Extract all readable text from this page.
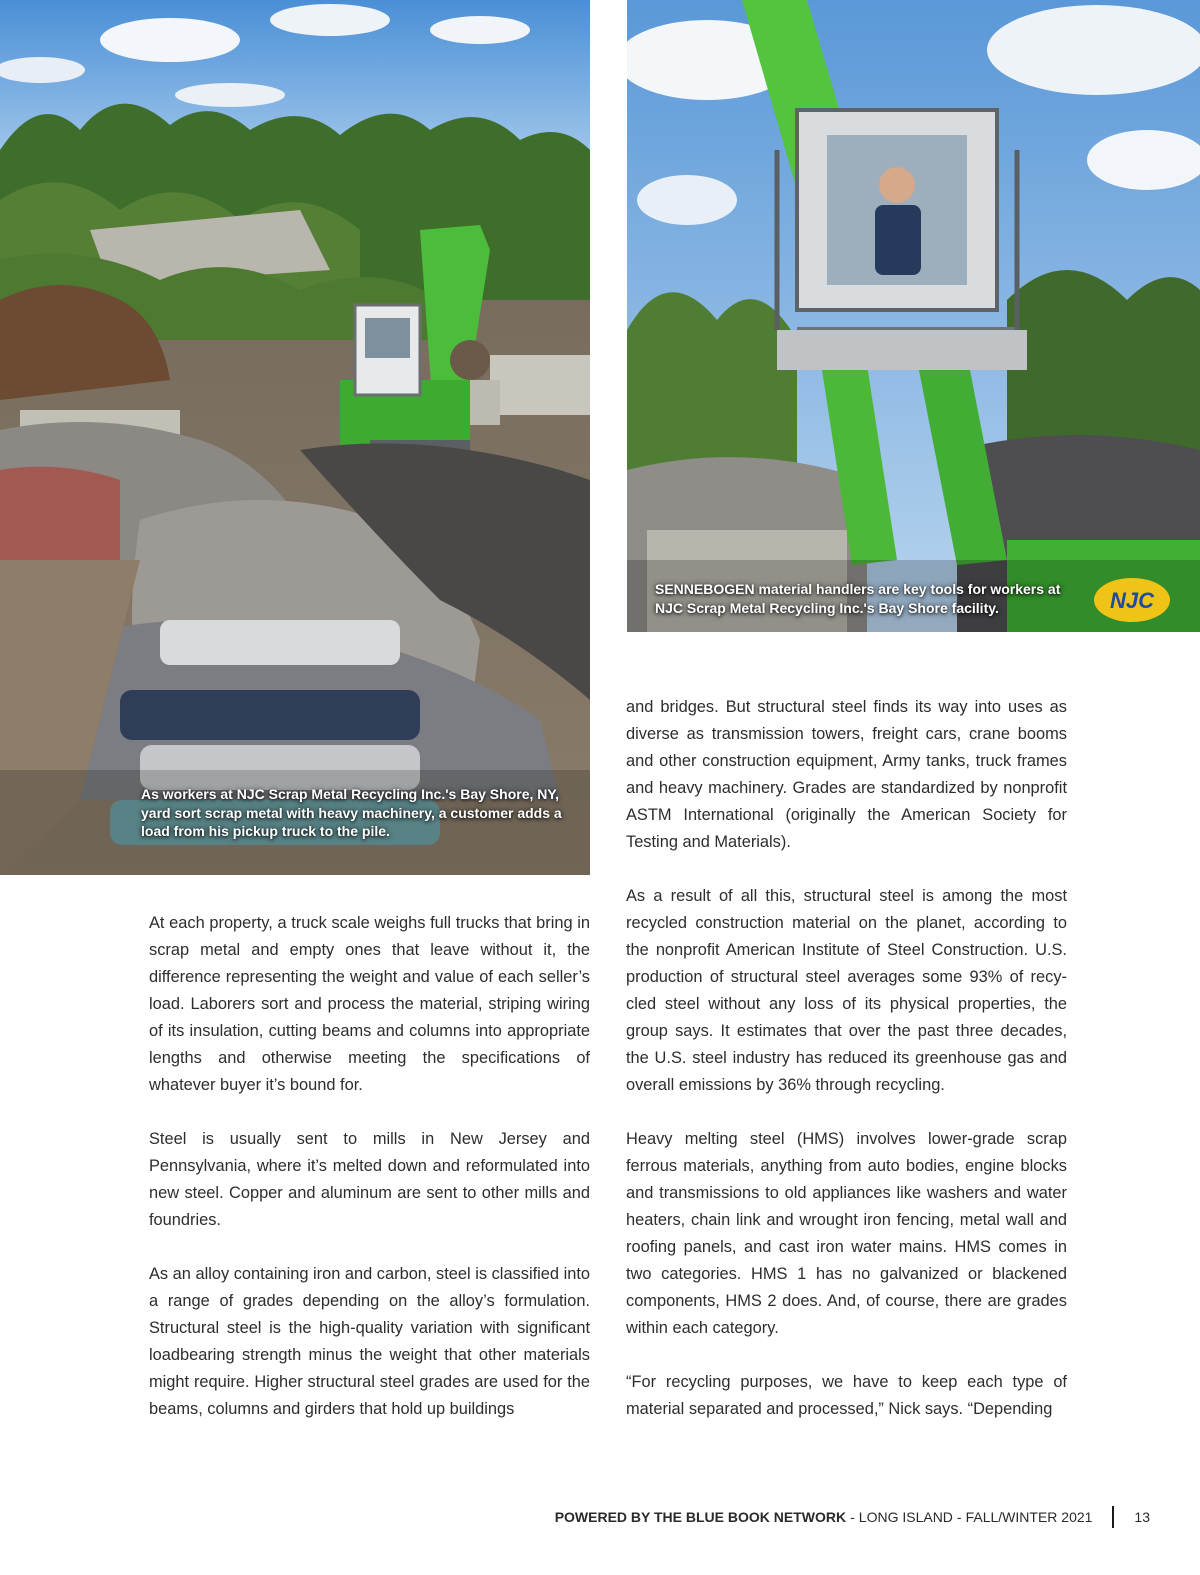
As workers at NJC Scrap Metal Recycling Inc.'s Bay Shore, NY, yard sort scrap metal with heavy machinery, a customer adds a load from his pickup truck to the pile.
NJC
SENNEBOGEN material handlers are key tools for workers at NJC Scrap Metal Recycling Inc.'s Bay Shore facility.

At each property, a truck scale weighs full trucks that bring in scrap metal and empty ones that leave without it, the difference representing the weight and value of each seller’s load. Laborers sort and process the material, striping wiring of its insulation, cutting beams and columns into appropriate lengths and otherwise meeting the specifications of whatever buyer it’s bound for.

Steel is usually sent to mills in New Jersey and Pennsylvania, where it’s melted down and reformulated into new steel. Copper and aluminum are sent to other mills and foundries.

As an alloy containing iron and carbon, steel is classified into a range of grades depending on the alloy’s formulation. Structural steel is the high-quality variation with significant loadbearing strength minus the weight that other materials might require. Higher structural steel grades are used for the beams, columns and girders that hold up buildings

and bridges. But structural steel finds its way into uses as diverse as transmission towers, freight cars, crane booms and other construction equipment, Army tanks, truck frames and heavy machinery. Grades are standardized by nonprofit ASTM International (originally the American Society for Testing and Materials).

As a result of all this, structural steel is among the most recycled construction material on the planet, according to the nonprofit American Institute of Steel Construction. U.S. production of structural steel averages some 93% of recycled steel without any loss of its physical properties, the group says. It estimates that over the past three decades, the U.S. steel industry has reduced its greenhouse gas and overall emissions by 36% through recycling.

Heavy melting steel (HMS) involves lower-grade scrap ferrous materials, anything from auto bodies, engine blocks and transmissions to old appliances like washers and water heaters, chain link and wrought iron fencing, metal wall and roofing panels, and cast iron water mains. HMS comes in two categories. HMS 1 has no galvanized or blackened components, HMS 2 does. And, of course, there are grades within each category.

“For recycling purposes, we have to keep each type of material separated and processed,” Nick says. “Depending

POWERED BY THE BLUE BOOK NETWORK - LONG ISLAND - FALL/WINTER 2021	13
